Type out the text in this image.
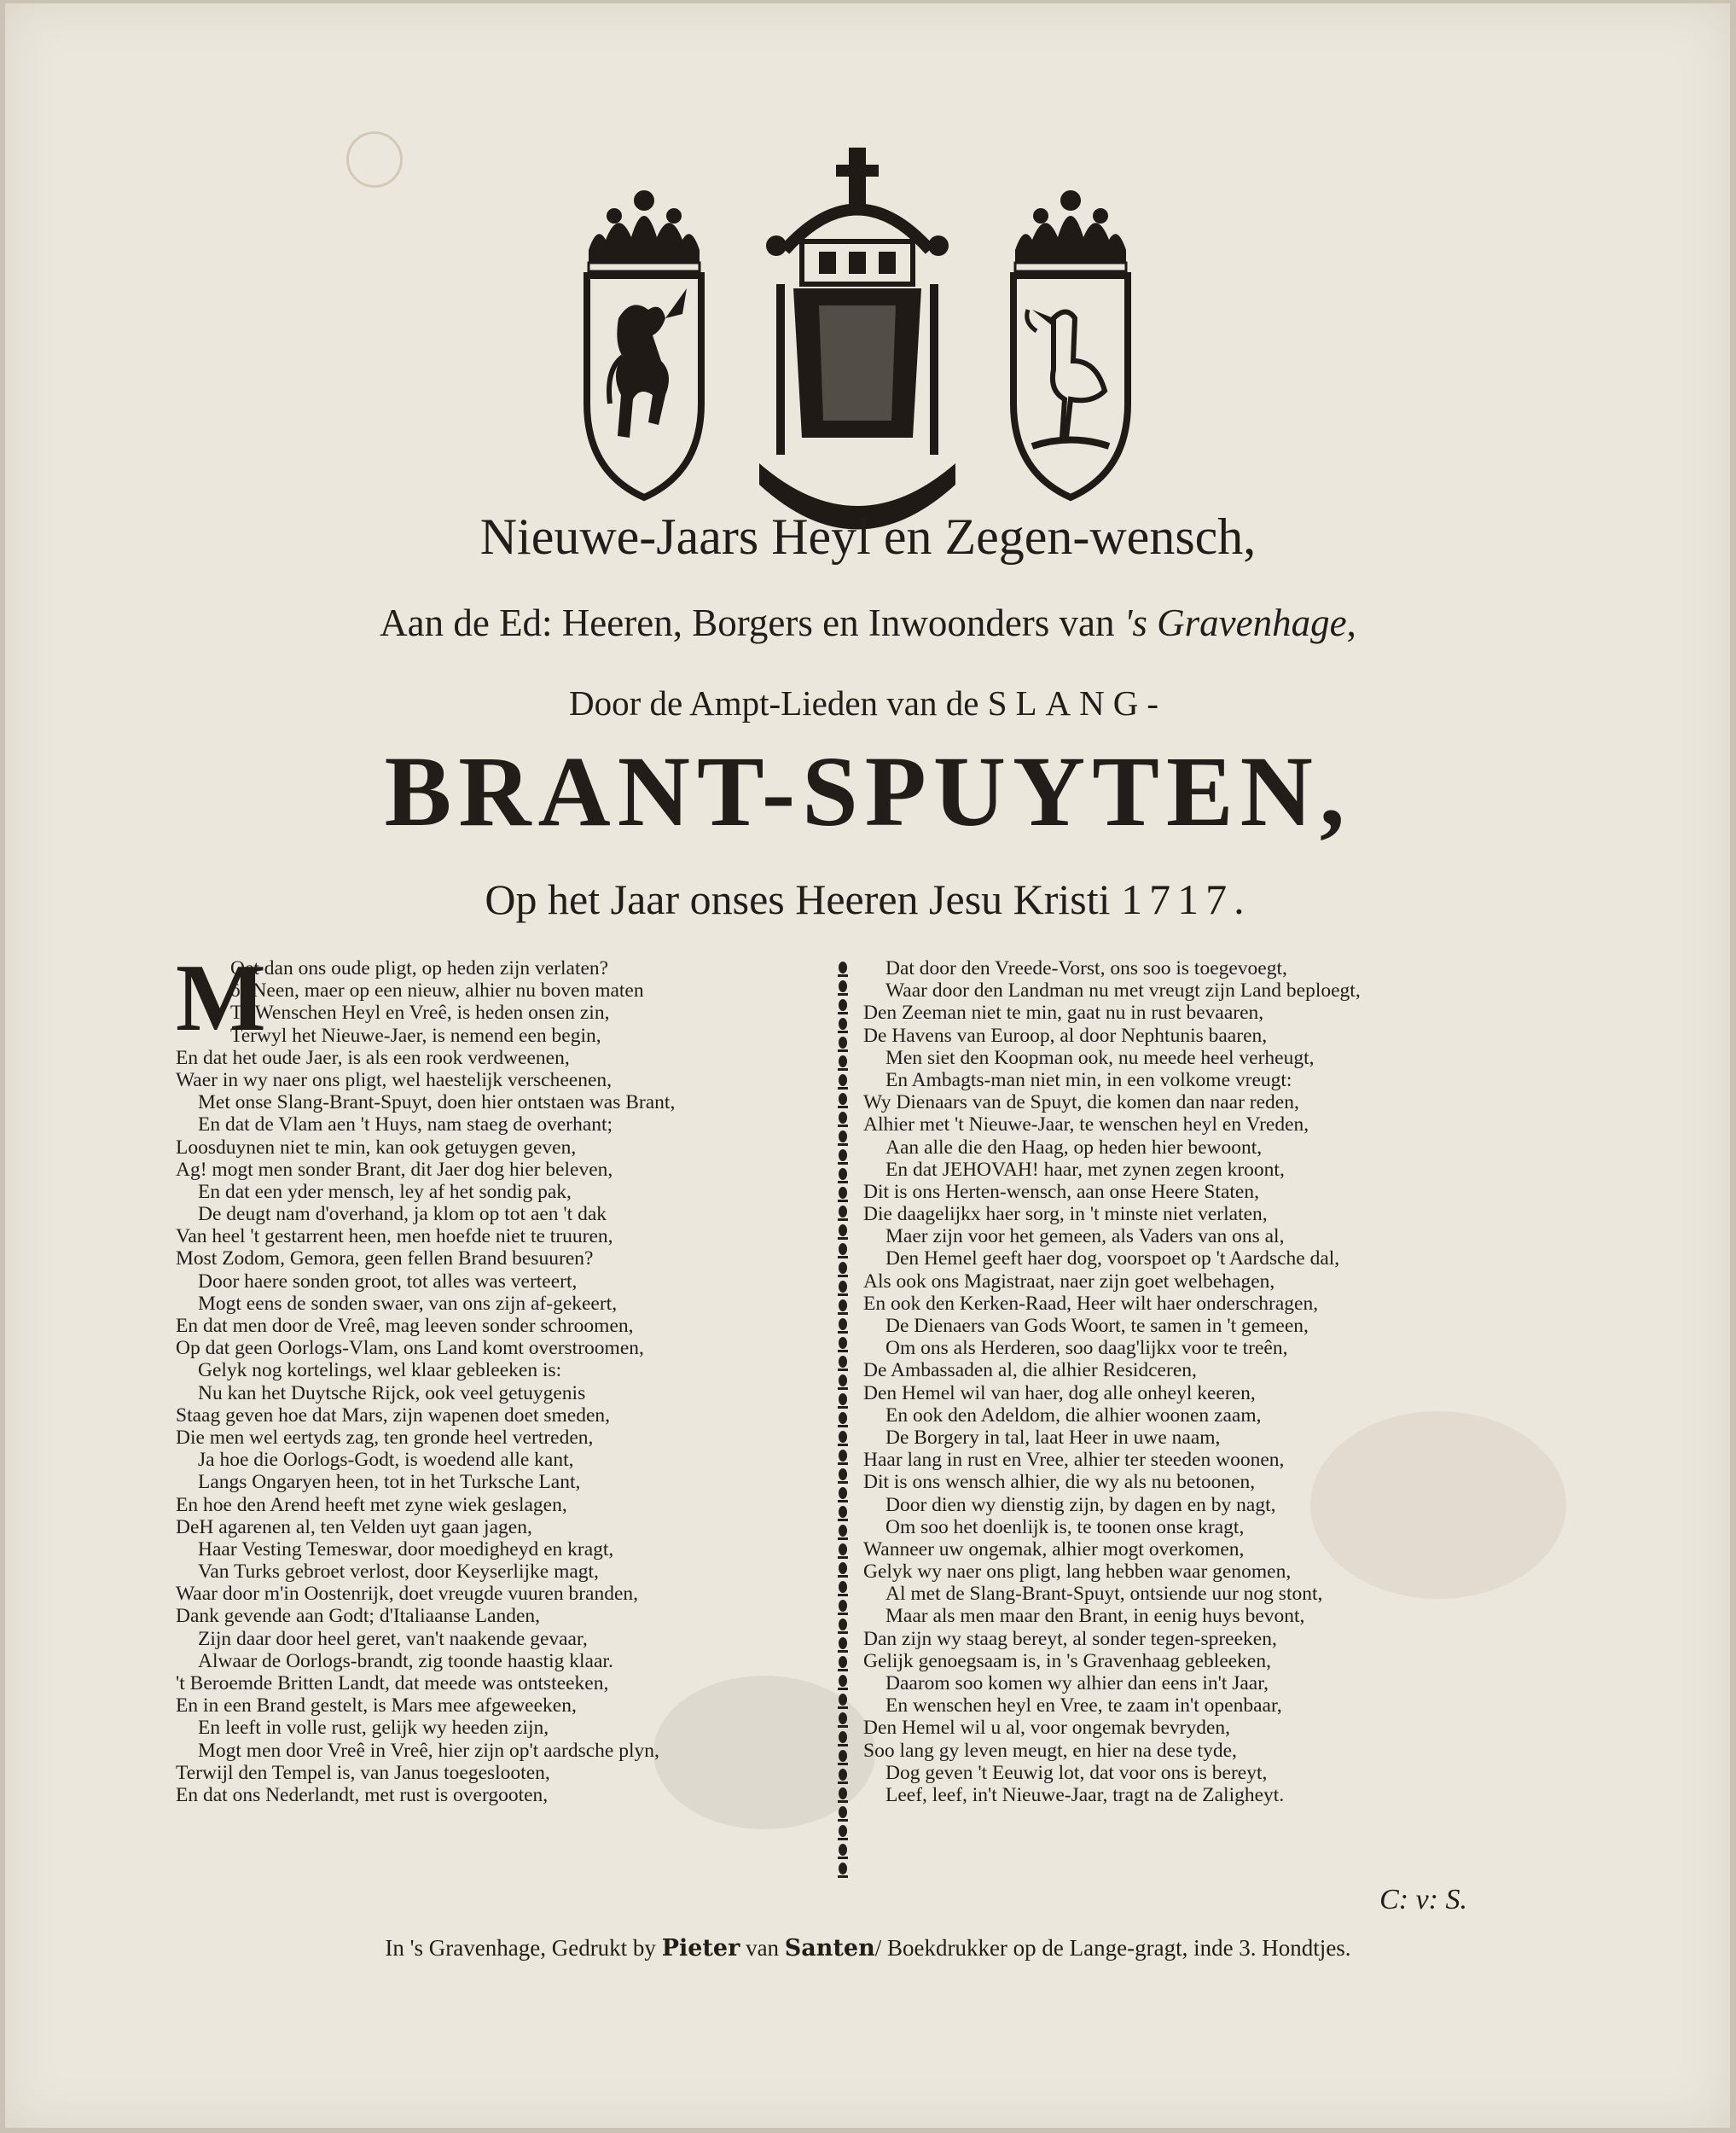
Nieuwe-Jaars Heyl en Zegen-wensch,

Aan de Ed: Heeren, Borgers en Inwoonders van 's Gravenhage,

Door de Ampt-Lieden van de SLANG-

BRANT-SPUYTEN,

Op het Jaar onses Heeren Jesu Kristi 1717.

M
Oet dan ons oude pligt, op heden zijn verlaten?
ô! Neen, maer op een nieuw, alhier nu boven maten
Te Wenschen Heyl en Vreê, is heden onsen zin,
Terwyl het Nieuwe-Jaer, is nemend een begin,
En dat het oude Jaer, is als een rook verdweenen,
Waer in wy naer ons pligt, wel haestelijk verscheenen,
Met onse Slang-Brant-Spuyt, doen hier ontstaen was Brant,
En dat de Vlam aen 't Huys, nam staeg de overhant;
Loosduynen niet te min, kan ook getuygen geven,
Ag! mogt men sonder Brant, dit Jaer dog hier beleven,
En dat een yder mensch, ley af het sondig pak,
De deugt nam d'overhand, ja klom op tot aen 't dak
Van heel 't gestarrent heen, men hoefde niet te truuren,
Most Zodom, Gemora, geen fellen Brand besuuren?
Door haere sonden groot, tot alles was verteert,
Mogt eens de sonden swaer, van ons zijn af-gekeert,
En dat men door de Vreê, mag leeven sonder schroomen,
Op dat geen Oorlogs-Vlam, ons Land komt overstroomen,
Gelyk nog kortelings, wel klaar gebleeken is:
Nu kan het Duytsche Rijck, ook veel getuygenis
Staag geven hoe dat Mars, zijn wapenen doet smeden,
Die men wel eertyds zag, ten gronde heel vertreden,
Ja hoe die Oorlogs-Godt, is woedend alle kant,
Langs Ongaryen heen, tot in het Turksche Lant,
En hoe den Arend heeft met zyne wiek geslagen,
DeH agarenen al, ten Velden uyt gaan jagen,
Haar Vesting Temeswar, door moedigheyd en kragt,
Van Turks gebroet verlost, door Keyserlijke magt,
Waar door m'in Oostenrijk, doet vreugde vuuren branden,
Dank gevende aan Godt; d'Italiaanse Landen,
Zijn daar door heel geret, van't naakende gevaar,
Alwaar de Oorlogs-brandt, zig toonde haastig klaar.
't Beroemde Britten Landt, dat meede was ontsteeken,
En in een Brand gestelt, is Mars mee afgeweeken,
En leeft in volle rust, gelijk wy heeden zijn,
Mogt men door Vreê in Vreê, hier zijn op't aardsche plyn,
Terwijl den Tempel is, van Janus toegeslooten,
En dat ons Nederlandt, met rust is overgooten,
Dat door den Vreede-Vorst, ons soo is toegevoegt,
Waar door den Landman nu met vreugt zijn Land beploegt,
Den Zeeman niet te min, gaat nu in rust bevaaren,
De Havens van Euroop, al door Nephtunis baaren,
Men siet den Koopman ook, nu meede heel verheugt,
En Ambagts-man niet min, in een volkome vreugt:
Wy Dienaars van de Spuyt, die komen dan naar reden,
Alhier met 't Nieuwe-Jaar, te wenschen heyl en Vreden,
Aan alle die den Haag, op heden hier bewoont,
En dat JEHOVAH! haar, met zynen zegen kroont,
Dit is ons Herten-wensch, aan onse Heere Staten,
Die daagelijkx haer sorg, in 't minste niet verlaten,
Maer zijn voor het gemeen, als Vaders van ons al,
Den Hemel geeft haer dog, voorspoet op 't Aardsche dal,
Als ook ons Magistraat, naer zijn goet welbehagen,
En ook den Kerken-Raad, Heer wilt haer onderschragen,
De Dienaers van Gods Woort, te samen in 't gemeen,
Om ons als Herderen, soo daag'lijkx voor te treên,
De Ambassaden al, die alhier Residceren,
Den Hemel wil van haer, dog alle onheyl keeren,
En ook den Adeldom, die alhier woonen zaam,
De Borgery in tal, laat Heer in uwe naam,
Haar lang in rust en Vree, alhier ter steeden woonen,
Dit is ons wensch alhier, die wy als nu betoonen,
Door dien wy dienstig zijn, by dagen en by nagt,
Om soo het doenlijk is, te toonen onse kragt,
Wanneer uw ongemak, alhier mogt overkomen,
Gelyk wy naer ons pligt, lang hebben waar genomen,
Al met de Slang-Brant-Spuyt, ontsiende uur nog stont,
Maar als men maar den Brant, in eenig huys bevont,
Dan zijn wy staag bereyt, al sonder tegen-spreeken,
Gelijk genoegsaam is, in 's Gravenhaag gebleeken,
Daarom soo komen wy alhier dan eens in't Jaar,
En wenschen heyl en Vree, te zaam in't openbaar,
Den Hemel wil u al, voor ongemak bevryden,
Soo lang gy leven meugt, en hier na dese tyde,
Dog geven 't Eeuwig lot, dat voor ons is bereyt,
Leef, leef, in't Nieuwe-Jaar, tragt na de Zaligheyt.
C: v: S.
In 's Gravenhage, Gedrukt by Pieter van Santen/ Boekdrukker op de Lange-gragt, inde 3. Hondtjes.
